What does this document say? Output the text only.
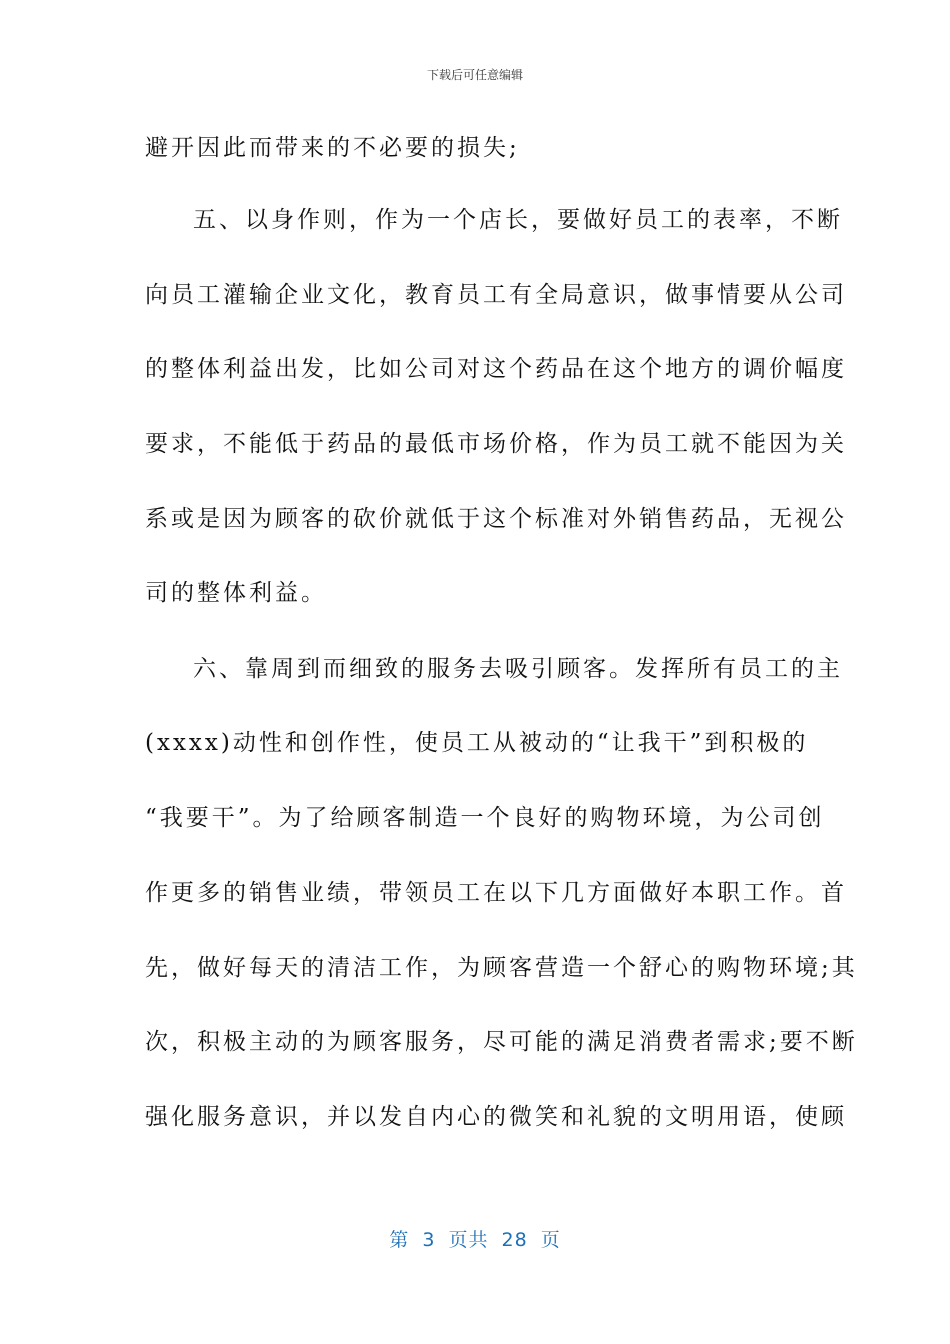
下载后可任意编辑
避开因此而带来的不必要的损失;
五、以身作则，作为一个店长，要做好员工的表率，不断
向员工灌输企业文化，教育员工有全局意识，做事情要从公司
的整体利益出发，比如公司对这个药品在这个地方的调价幅度
要求，不能低于药品的最低市场价格，作为员工就不能因为关
系或是因为顾客的砍价就低于这个标准对外销售药品，无视公
司的整体利益。
六、靠周到而细致的服务去吸引顾客。发挥所有员工的主
(xxxx)动性和创作性，使员工从被动的“让我干”到积极的
“我要干”。为了给顾客制造一个良好的购物环境，为公司创
作更多的销售业绩，带领员工在以下几方面做好本职工作。首
先，做好每天的清洁工作，为顾客营造一个舒心的购物环境;其
次，积极主动的为顾客服务，尽可能的满足消费者需求;要不断
强化服务意识，并以发自内心的微笑和礼貌的文明用语，使顾
第 3 页共 28 页
